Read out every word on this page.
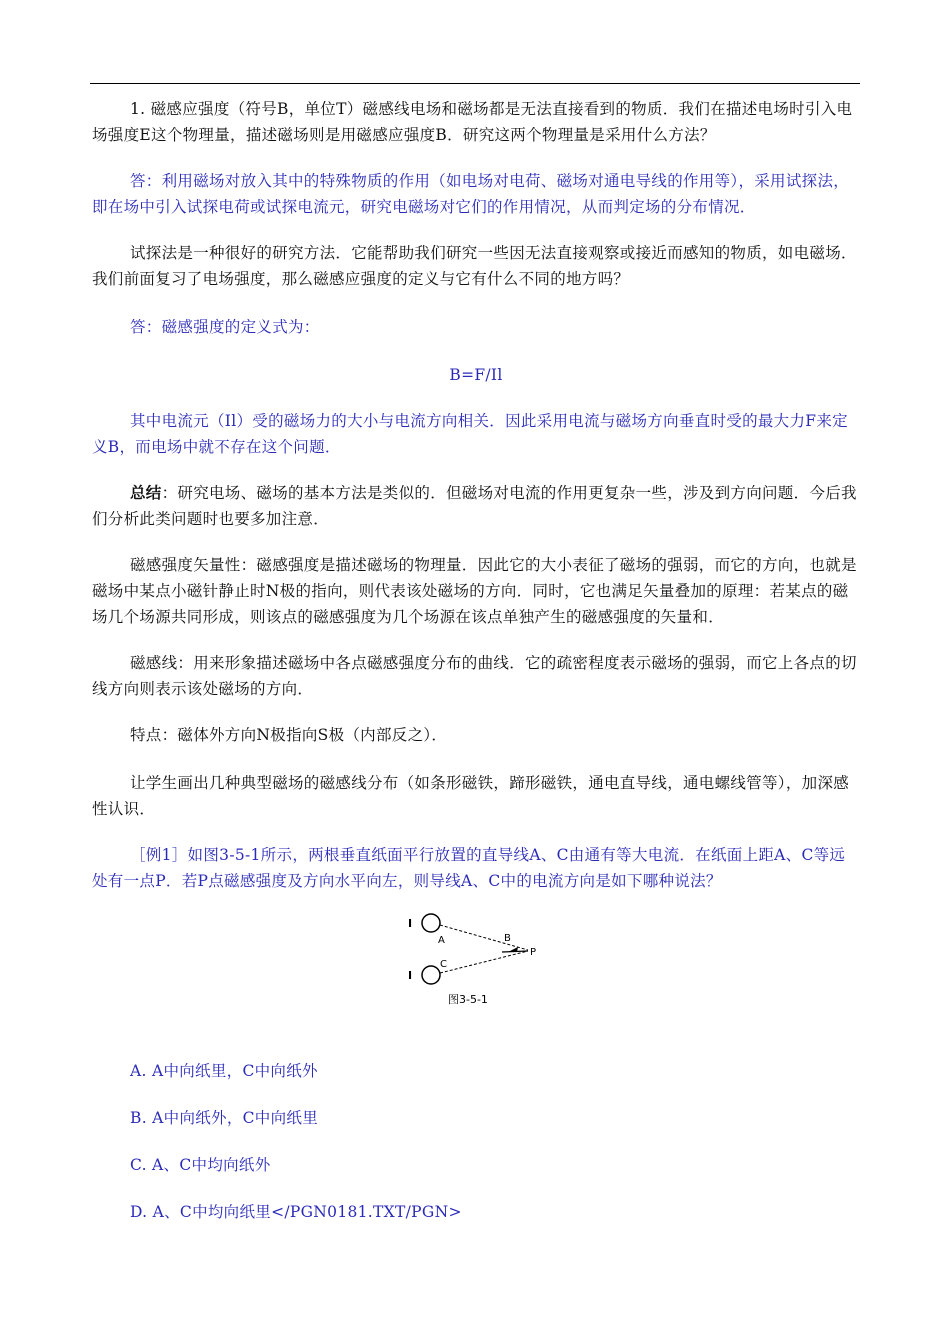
1. 磁感应强度（符号B，单位T）磁感线电场和磁场都是无法直接看到的物质．我们在描述电场时引入电场强度E这个物理量，描述磁场则是用磁感应强度B．研究这两个物理量是采用什么方法？

答：利用磁场对放入其中的特殊物质的作用（如电场对电荷、磁场对通电导线的作用等），采用试探法，即在场中引入试探电荷或试探电流元，研究电磁场对它们的作用情况，从而判定场的分布情况．

试探法是一种很好的研究方法．它能帮助我们研究一些因无法直接观察或接近而感知的物质，如电磁场．我们前面复习了电场强度，那么磁感应强度的定义与它有什么不同的地方吗？

答：磁感强度的定义式为：

B=F/Il

其中电流元（Il）受的磁场力的大小与电流方向相关．因此采用电流与磁场方向垂直时受的最大力F来定义B，而电场中就不存在这个问题．

总结：研究电场、磁场的基本方法是类似的．但磁场对电流的作用更复杂一些，涉及到方向问题．今后我们分析此类问题时也要多加注意．

磁感强度矢量性：磁感强度是描述磁场的物理量．因此它的大小表征了磁场的强弱，而它的方向，也就是磁场中某点小磁针静止时N极的指向，则代表该处磁场的方向．同时，它也满足矢量叠加的原理：若某点的磁场几个场源共同形成，则该点的磁感强度为几个场源在该点单独产生的磁感强度的矢量和．

磁感线：用来形象描述磁场中各点磁感强度分布的曲线．它的疏密程度表示磁场的强弱，而它上各点的切线方向则表示该处磁场的方向．

特点：磁体外方向N极指向S极（内部反之）．

让学生画出几种典型磁场的磁感线分布（如条形磁铁，蹄形磁铁，通电直导线，通电螺线管等），加深感性认识．

［例1］如图3-5-1所示，两根垂直纸面平行放置的直导线A、C由通有等大电流．在纸面上距A、C等远处有一点P．若P点磁感强度及方向水平向左，则导线A、C中的电流方向是如下哪种说法？

I
A	B
I
C
P
图3-5-1
A. A中向纸里，C中向纸外
B. A中向纸外，C中向纸里
C. A、C中均向纸外
D. A、C中均向纸里</PGN0181.TXT/PGN>
